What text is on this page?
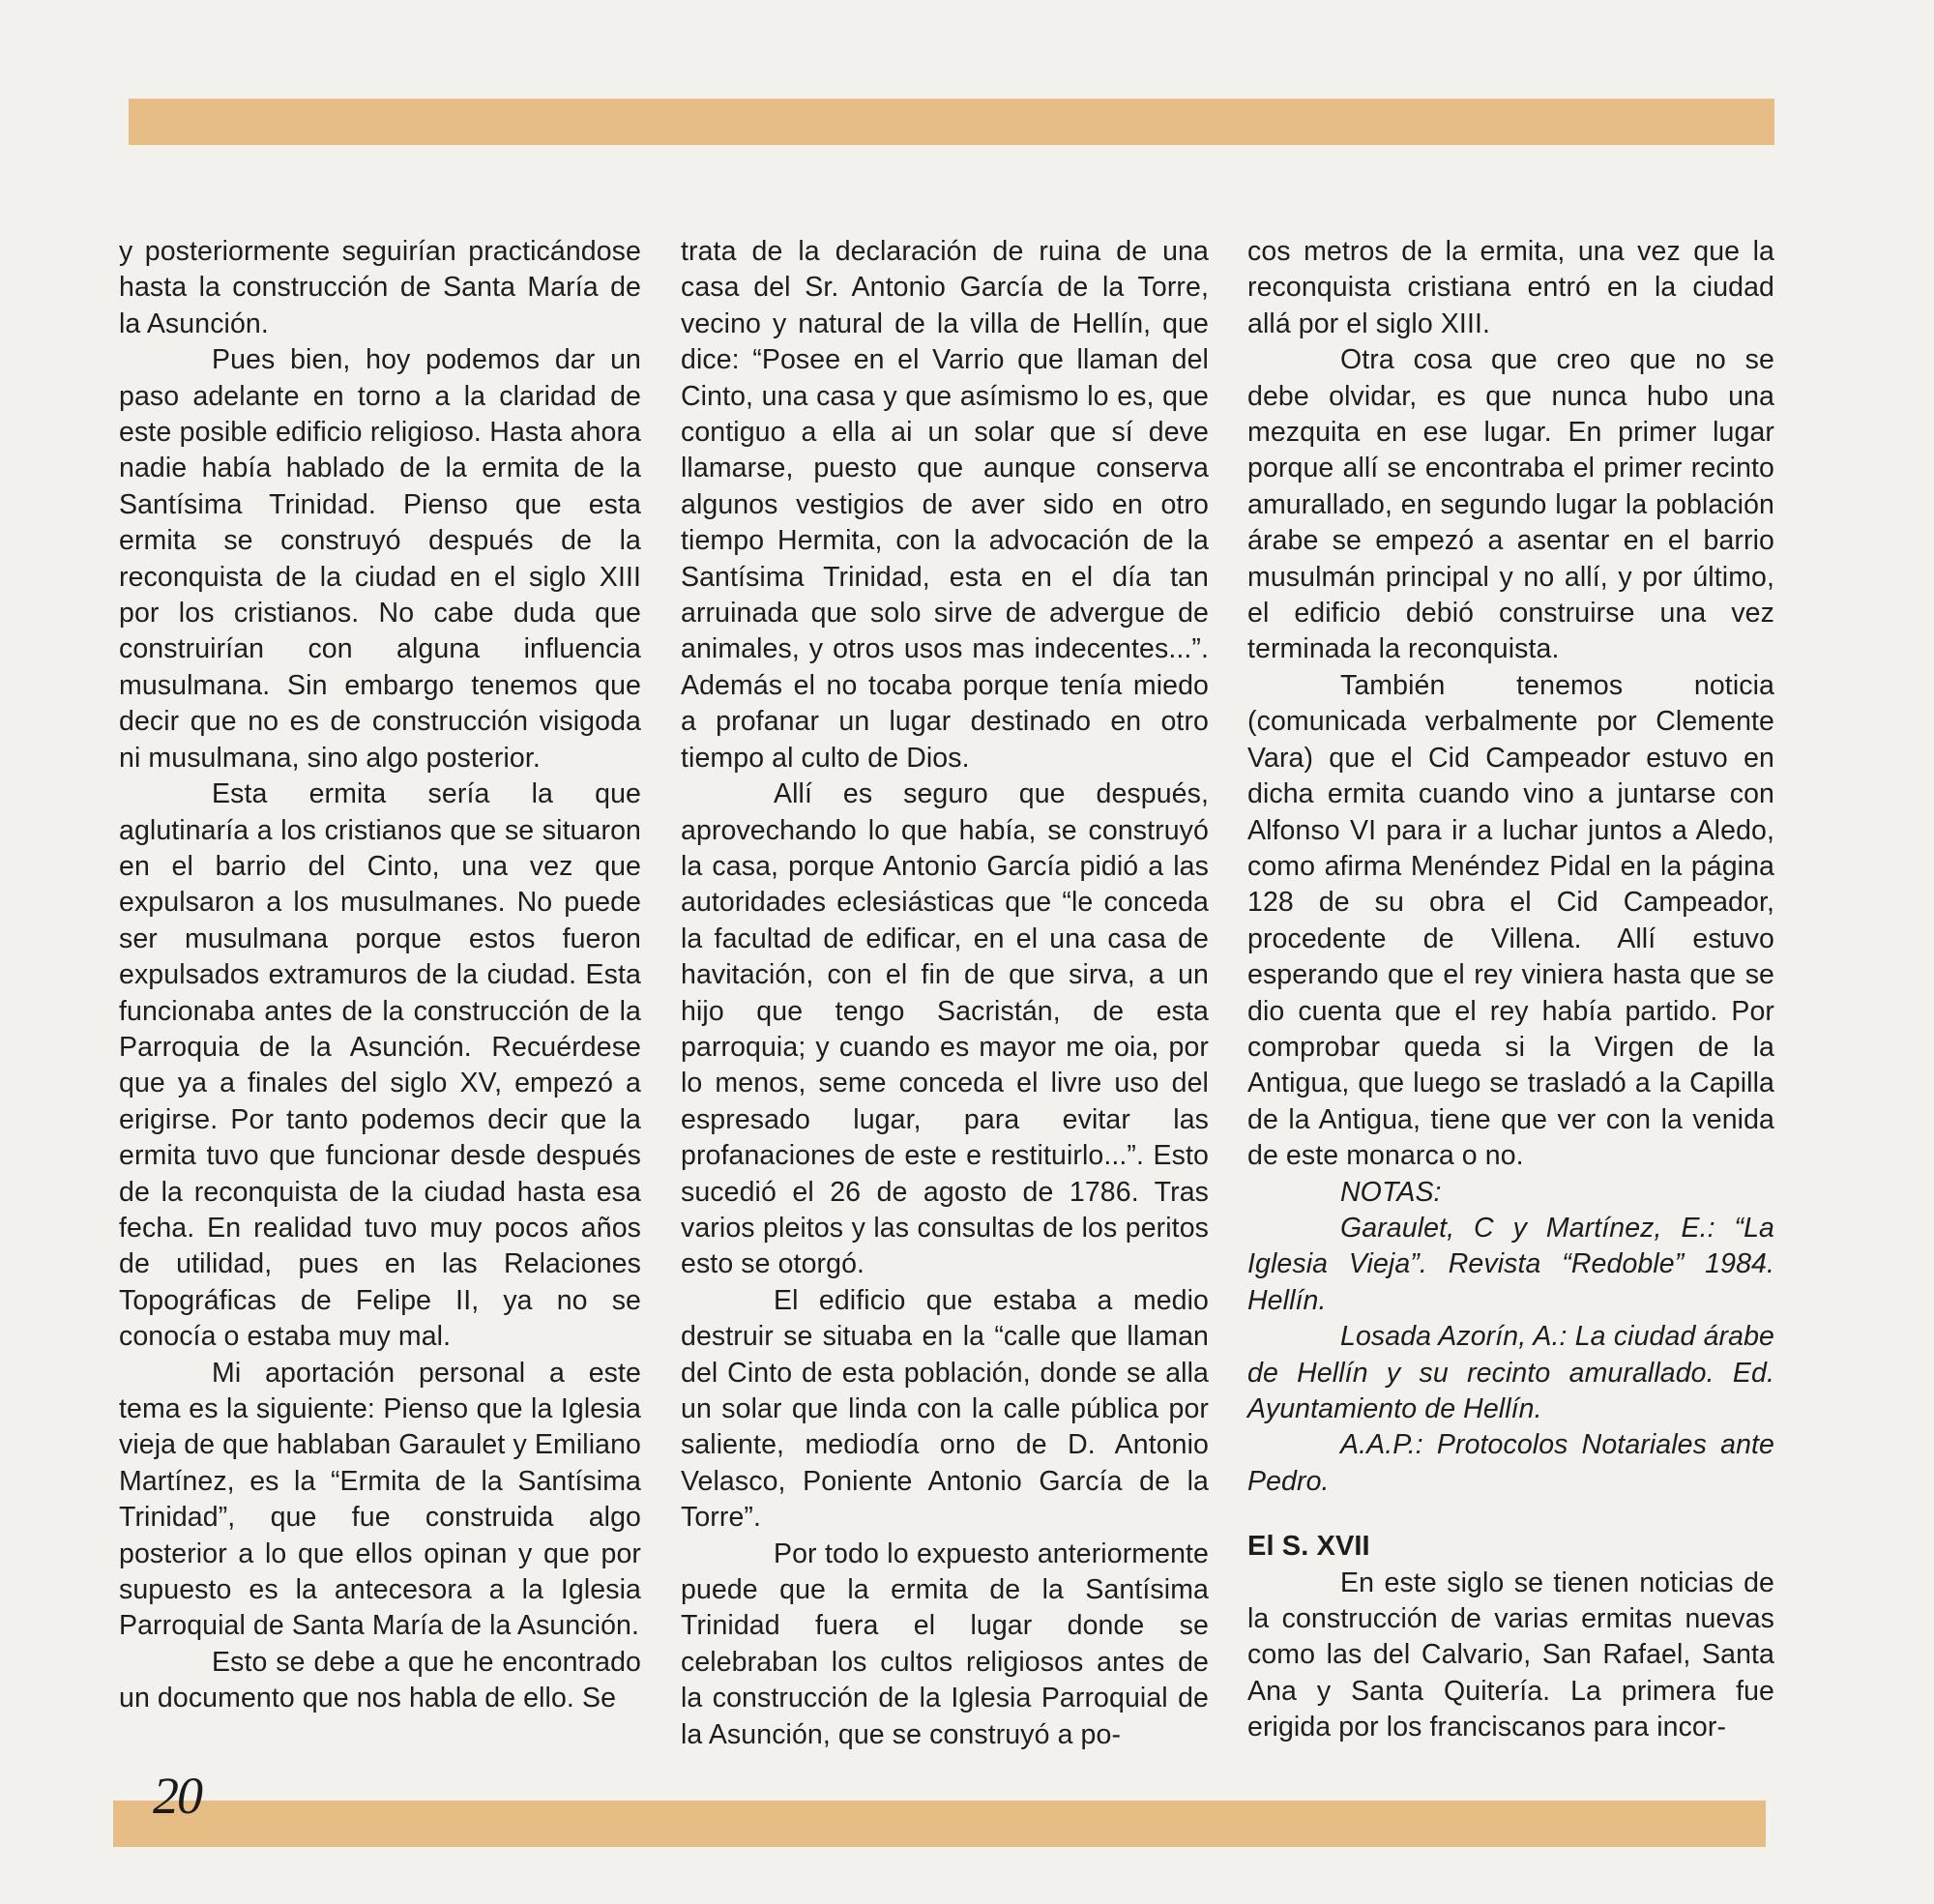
y posteriormente seguirían practicándose hasta la construcción de Santa María de la Asunción.

Pues bien, hoy podemos dar un paso adelante en torno a la claridad de este posible edificio religioso. Hasta ahora nadie había hablado de la ermita de la Santísima Trinidad. Pienso que esta ermita se construyó después de la reconquista de la ciudad en el siglo XIII por los cristianos. No cabe duda que construirían con alguna influencia musulmana. Sin embargo tenemos que decir que no es de construcción visigoda ni musulmana, sino algo posterior.

Esta ermita sería la que aglutinaría a los cristianos que se situaron en el barrio del Cinto, una vez que expulsaron a los musulmanes. No puede ser musulmana porque estos fueron expulsados extramuros de la ciudad. Esta funcionaba antes de la construcción de la Parroquia de la Asunción. Recuérdese que ya a finales del siglo XV, empezó a erigirse. Por tanto podemos decir que la ermita tuvo que funcionar desde después de la reconquista de la ciudad hasta esa fecha. En realidad tuvo muy pocos años de utilidad, pues en las Relaciones Topográficas de Felipe II, ya no se conocía o estaba muy mal.

Mi aportación personal a este tema es la siguiente: Pienso que la Iglesia vieja de que hablaban Garaulet y Emiliano Martínez, es la “Ermita de la Santísima Trinidad”, que fue construida algo posterior a lo que ellos opinan y que por supuesto es la antecesora a la Iglesia Parroquial de Santa María de la Asunción.

Esto se debe a que he encontrado un documento que nos habla de ello. Se

trata de la declaración de ruina de una casa del Sr. Antonio García de la Torre, vecino y natural de la villa de Hellín, que dice: “Posee en el Varrio que llaman del Cinto, una casa y que asímismo lo es, que contiguo a ella ai un solar que sí deve llamarse, puesto que aunque conserva algunos vestigios de aver sido en otro tiempo Hermita, con la advocación de la Santísima Trinidad, esta en el día tan arruinada que solo sirve de advergue de animales, y otros usos mas indecentes...”. Además el no tocaba porque tenía miedo a profanar un lugar destinado en otro tiempo al culto de Dios.

Allí es seguro que después, aprovechando lo que había, se construyó la casa, porque Antonio García pidió a las autoridades eclesiásticas que “le conceda la facultad de edificar, en el una casa de havitación, con el fin de que sirva, a un hijo que tengo Sacristán, de esta parroquia; y cuando es mayor me oia, por lo menos, seme conceda el livre uso del espresado lugar, para evitar las profanaciones de este e restituirlo...”. Esto sucedió el 26 de agosto de 1786. Tras varios pleitos y las consultas de los peritos esto se otorgó.

El edificio que estaba a medio destruir se situaba en la “calle que llaman del Cinto de esta población, donde se alla un solar que linda con la calle pública por saliente, mediodía orno de D. Antonio Velasco, Poniente Antonio García de la Torre”.

Por todo lo expuesto anteriormente puede que la ermita de la Santísima Trinidad fuera el lugar donde se celebraban los cultos religiosos antes de la construcción de la Iglesia Parroquial de la Asunción, que se construyó a po-

cos metros de la ermita, una vez que la reconquista cristiana entró en la ciudad allá por el siglo XIII.

Otra cosa que creo que no se debe olvidar, es que nunca hubo una mezquita en ese lugar. En primer lugar porque allí se encontraba el primer recinto amurallado, en segundo lugar la población árabe se empezó a asentar en el barrio musulmán principal y no allí, y por último, el edificio debió construirse una vez terminada la reconquista.

También tenemos noticia (comunicada verbalmente por Clemente Vara) que el Cid Campeador estuvo en dicha ermita cuando vino a juntarse con Alfonso VI para ir a luchar juntos a Aledo, como afirma Menéndez Pidal en la página 128 de su obra el Cid Campeador, procedente de Villena. Allí estuvo esperando que el rey viniera hasta que se dio cuenta que el rey había partido. Por comprobar queda si la Virgen de la Antigua, que luego se trasladó a la Capilla de la Antigua, tiene que ver con la venida de este monarca o no.

NOTAS:

Garaulet, C y Martínez, E.: “La Iglesia Vieja”. Revista “Redoble” 1984. Hellín.

Losada Azorín, A.: La ciudad árabe de Hellín y su recinto amurallado. Ed. Ayuntamiento de Hellín.

A.A.P.: Protocolos Notariales ante Pedro.

El S. XVII

En este siglo se tienen noticias de la construcción de varias ermitas nuevas como las del Calvario, San Rafael, Santa Ana y Santa Quitería. La primera fue erigida por los franciscanos para incor-

20
